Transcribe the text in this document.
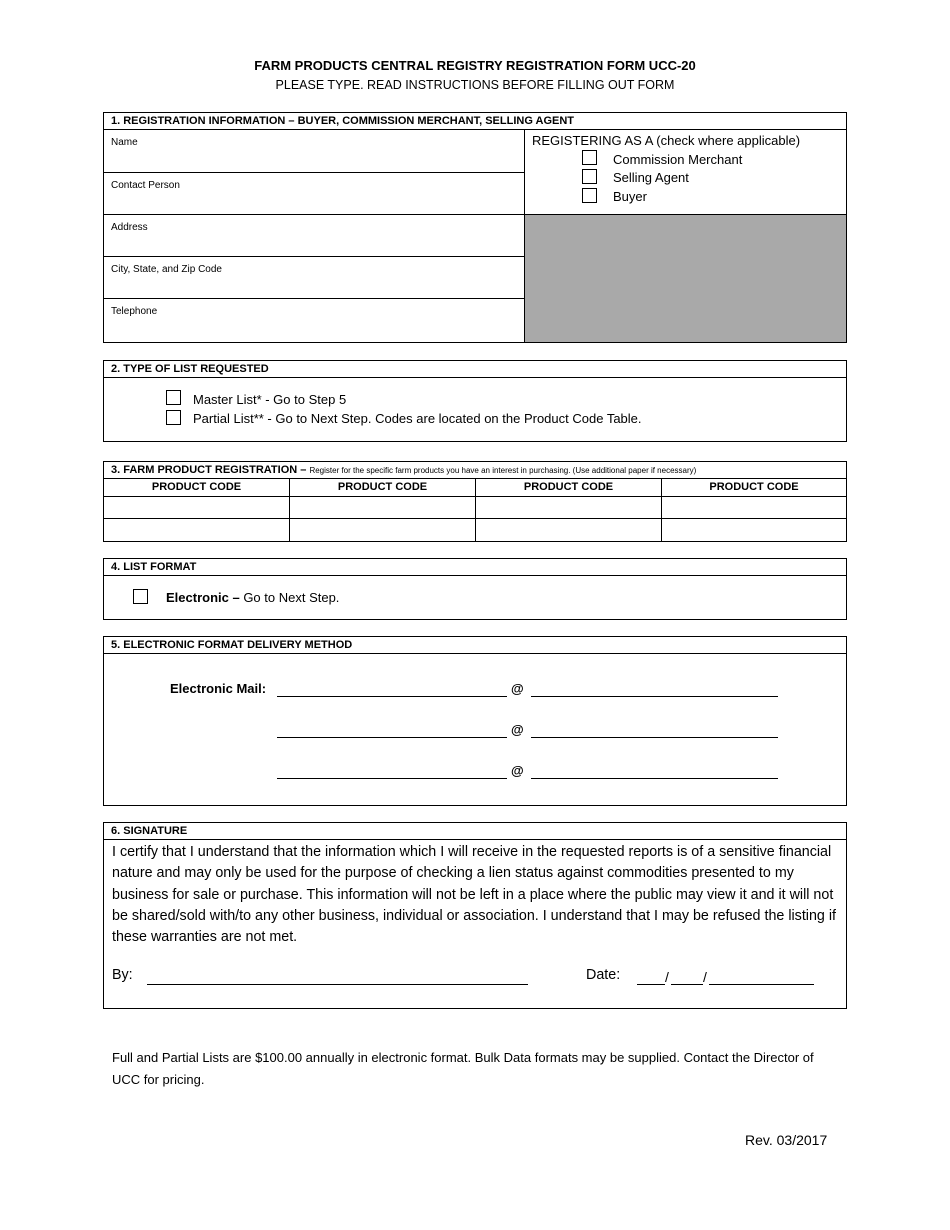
FARM PRODUCTS CENTRAL REGISTRY REGISTRATION FORM UCC-20
PLEASE TYPE. READ INSTRUCTIONS BEFORE FILLING OUT FORM
1. REGISTRATION INFORMATION – BUYER, COMMISSION MERCHANT, SELLING AGENT
Name
Contact Person
Address
City, State, and Zip Code
Telephone
REGISTERING AS A (check where applicable)
Commission Merchant
Selling Agent
Buyer
2. TYPE OF LIST REQUESTED
Master List* - Go to Step 5
Partial List** - Go to Next Step. Codes are located on the Product Code Table.
3. FARM PRODUCT REGISTRATION – Register for the specific farm products you have an interest in purchasing. (Use additional paper if necessary)
PRODUCT CODE	PRODUCT CODE	PRODUCT CODE	PRODUCT CODE
4. LIST FORMAT
Electronic – Go to Next Step.
5. ELECTRONIC FORMAT DELIVERY METHOD
Electronic Mail:	@
@
@
6. SIGNATURE
I certify that I understand that the information which I will receive in the requested reports is of a sensitive financial nature and may only be used for the purpose of checking a lien status against commodities presented to my business for sale or purchase. This information will not be left in a place where the public may view it and it will not be shared/sold with/to any other business, individual or association. I understand that I may be refused the listing if these warranties are not met.
By:	Date:	/ /
Full and Partial Lists are $100.00 annually in electronic format. Bulk Data formats may be supplied. Contact the Director of UCC for pricing.
Rev. 03/2017
